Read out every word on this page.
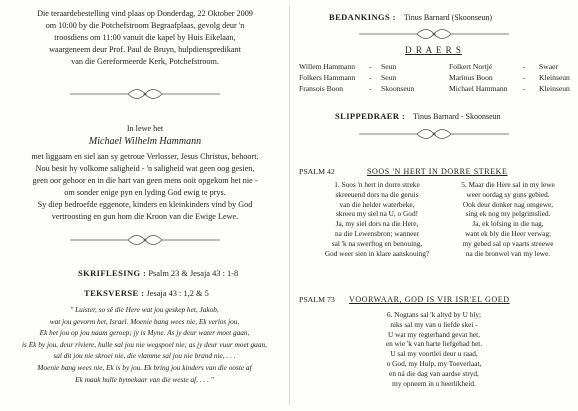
Die teraardebestelling vind plaas op Donderdag, 22 Oktober 2009
om 10:00 by die Potchefstroom Begraafplaas, gevolg deur 'n
troosdiens om 11:00 vanuit die kapel by Huis Eikelaan,
waargeneem deur Prof. Paul de Bruyn, hulpdienspredikant
van die Gereformeerde Kerk, Potchefstroom.
In lewe het
Michael Wilhelm Hammann
met liggaam en siel aan sy getroue Verlosser, Jesus Christus, behoort.
Nou besit hy volkome saligheid - 'n saligheid wat geen oog gesien,
geen oor gehoor en in die hart van geen mens ooit opgekom het nie -
om sonder enige pyn en lyding God ewig te prys.
Sy diep bedroefde eggenote, kinders en kleinkinders vind by God
vertroosting en gun hom die Kroon van die Ewige Lewe.
SKRIFLESING : Psalm 23 & Jesaja 43 : 1-8
TEKSVERSE : Jesaja 43 : 1,2 & 5
" Luister, so sê die Here wat jou geskep het, Jakob,
wat jou gevorm het, Israel. Moenie bang wees nie, Ek verlos jou,
Ek het jou op jou naam geroep; jy is Myne. As jy deur water moet gaan,
is Ek by jou, deur riviere, hulle sal jou nie wegspoel nie; as jy deur vuur moet gaan,
sal dit jou nie skroei nie, die vlamme sal jou nie brand nie, . . .
Moenie bang wees nie, Ek is by jou. Ek bring jou kinders van die ooste af
Ek maak hulle bymekaar van die weste af, . . . "
BEDANKINGS : Tinus Barnard (Skoonseun)
D R A E R S
Willem Hammann - Seun	Folkert Nortjé	- Swaer
Folkers Hammann - Seun	Marinus Boon	- Kleinseun
Fransois Boon	- Skoonseun	Michael Hammann - Kleinseun
SLIPPEDRAER : Tinus Barnard - Skoonseun
PSALM 42	SOOS 'N HERT IN DORRE STREKE
1. Soos 'n hert in dorre streke
skreeuend dors na die geruis
van die helder waterbeke,
skreeu my siel na U, o God!
Ja, my siel dors na die Here,
na die Lewensbron; wanneer
sal 'k na swerftog en benouing,
God weer sien in klare aanskouing?
5. Maar die Here sal in my lewe
weer oordag sy guns gebied.
Ook deur donker nag omgewe,
sing ek nog my pelgrimslied.
Ja, ek lofsing in die nag,
want ek bly die Heer verwag;
my gebed sal op vaarts streewe
na die bronwel van my lewe.
PSALM 73 VOORWAAR, GOD IS VIR ISR'EL GOED
6. Nogtans sal 'k altyd by U bly;
niks sal my van u liefde skei -
U wat my regterhand gevat het,
en wie 'k van harte liefgehad het.
U sal my voortlei deur u raad,
o God, my Hulp, my Toeverlaat,
en ná die dag van aardse stryd,
my opneem in u heerlikheid.
